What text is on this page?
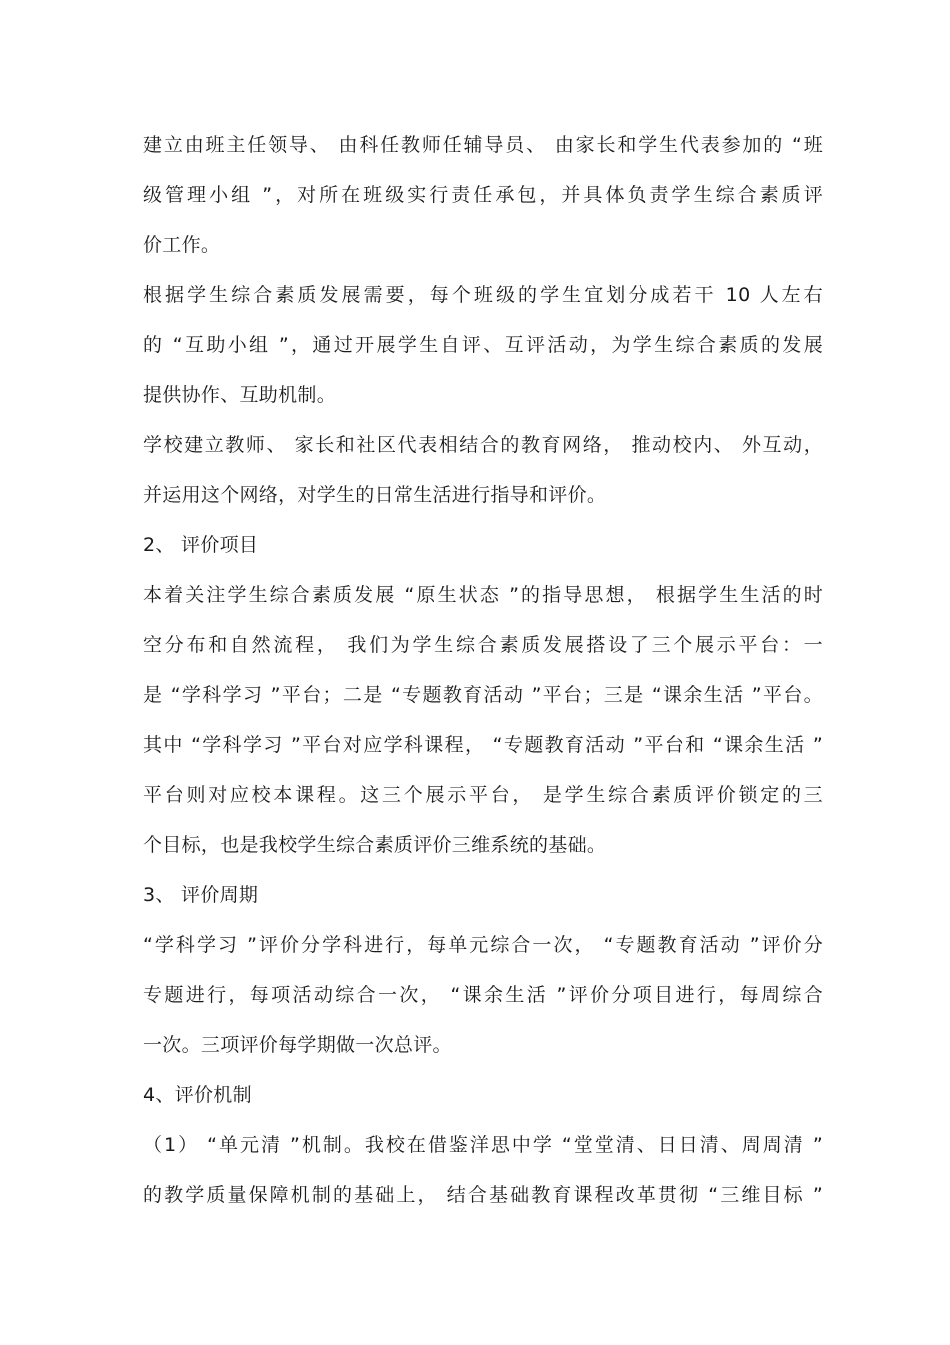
建立由班主任领导、 由科任教师任辅导员、 由家长和学生代表参加的 “班
级管理小组 ”，对所在班级实行责任承包，并具体负责学生综合素质评
价工作。
根据学生综合素质发展需要，每个班级的学生宜划分成若干 10 人左右
的 “互助小组 ”，通过开展学生自评、互评活动，为学生综合素质的发展
提供协作、互助机制。
学校建立教师、 家长和社区代表相结合的教育网络， 推动校内、 外互动，
并运用这个网络，对学生的日常生活进行指导和评价。
2、 评价项目
本着关注学生综合素质发展 “原生状态 ”的指导思想， 根据学生生活的时
空分布和自然流程， 我们为学生综合素质发展搭设了三个展示平台：一
是 “学科学习 ”平台；二是 “专题教育活动 ”平台；三是 “课余生活 ”平台。
其中 “学科学习 ”平台对应学科课程， “专题教育活动 ”平台和 “课余生活 ”
平台则对应校本课程。这三个展示平台， 是学生综合素质评价锁定的三
个目标，也是我校学生综合素质评价三维系统的基础。
3、 评价周期
“学科学习 ”评价分学科进行，每单元综合一次， “专题教育活动 ”评价分
专题进行，每项活动综合一次， “课余生活 ”评价分项目进行，每周综合
一次。三项评价每学期做一次总评。
4、评价机制
（1） “单元清 ”机制。我校在借鉴洋思中学 “堂堂清、日日清、周周清 ”
的教学质量保障机制的基础上， 结合基础教育课程改革贯彻 “三维目标 ”
